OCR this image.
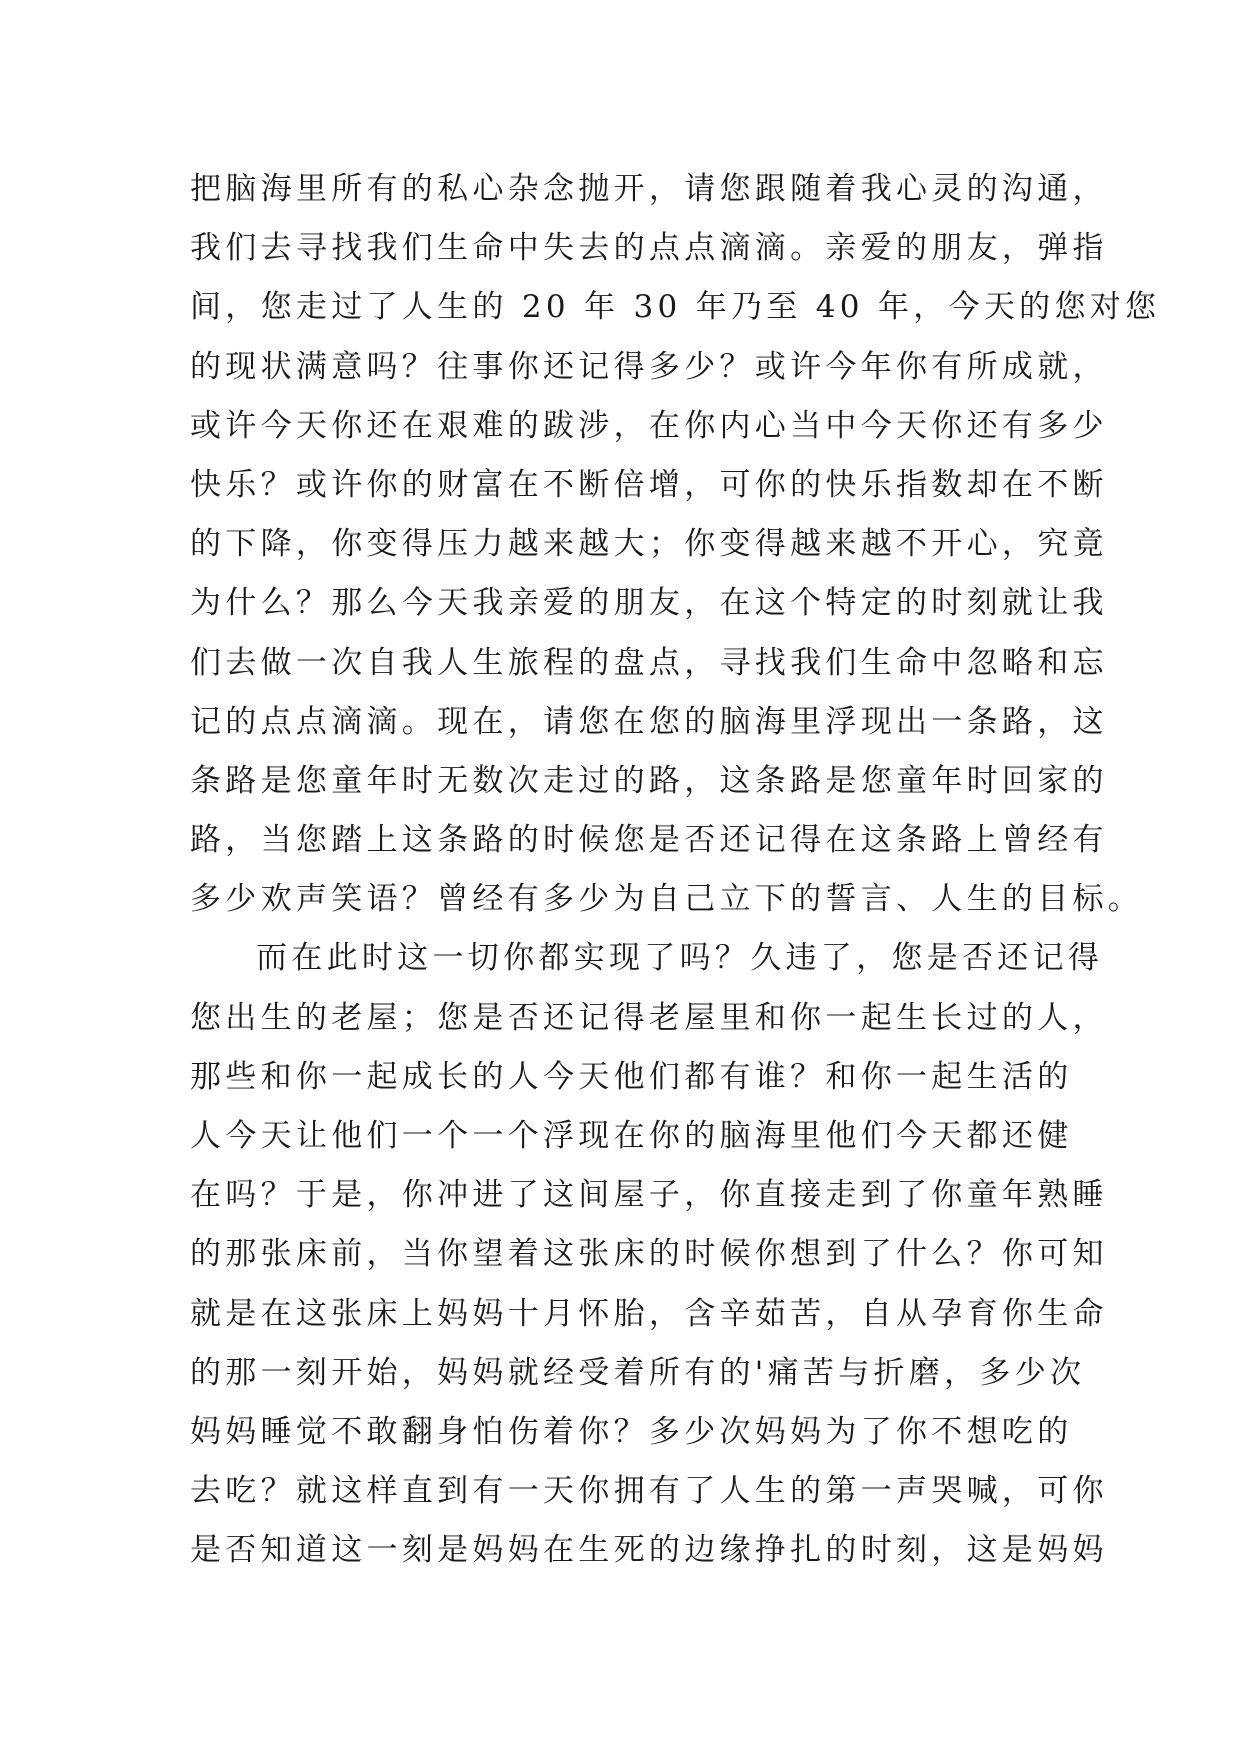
把脑海里所有的私心杂念抛开，请您跟随着我心灵的沟通，
我们去寻找我们生命中失去的点点滴滴。亲爱的朋友，弹指
间，您走过了人生的 20 年 30 年乃至 40 年，今天的您对您
的现状满意吗？往事你还记得多少？或许今年你有所成就，
或许今天你还在艰难的跋涉，在你内心当中今天你还有多少
快乐？或许你的财富在不断倍增，可你的快乐指数却在不断
的下降，你变得压力越来越大；你变得越来越不开心，究竟
为什么？那么今天我亲爱的朋友，在这个特定的时刻就让我
们去做一次自我人生旅程的盘点，寻找我们生命中忽略和忘
记的点点滴滴。现在，请您在您的脑海里浮现出一条路，这
条路是您童年时无数次走过的路，这条路是您童年时回家的
路，当您踏上这条路的时候您是否还记得在这条路上曾经有
多少欢声笑语？曾经有多少为自己立下的誓言、人生的目标。
而在此时这一切你都实现了吗？久违了，您是否还记得
您出生的老屋；您是否还记得老屋里和你一起生长过的人，
那些和你一起成长的人今天他们都有谁？和你一起生活的
人今天让他们一个一个浮现在你的脑海里他们今天都还健
在吗？于是，你冲进了这间屋子，你直接走到了你童年熟睡
的那张床前，当你望着这张床的时候你想到了什么？你可知
就是在这张床上妈妈十月怀胎，含辛茹苦，自从孕育你生命
的那一刻开始，妈妈就经受着所有的'痛苦与折磨，多少次
妈妈睡觉不敢翻身怕伤着你？多少次妈妈为了你不想吃的
去吃？就这样直到有一天你拥有了人生的第一声哭喊，可你
是否知道这一刻是妈妈在生死的边缘挣扎的时刻，这是妈妈
